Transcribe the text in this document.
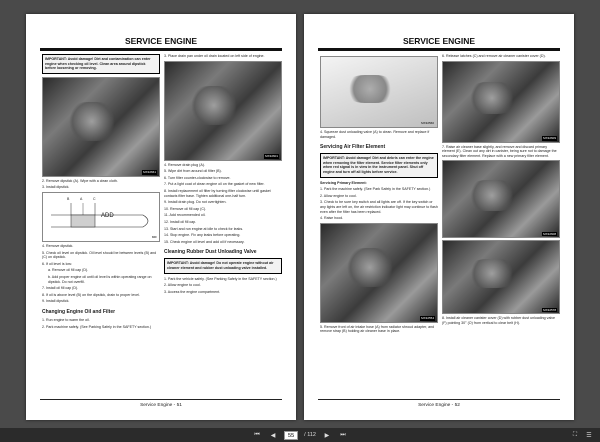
SERVICE ENGINE
IMPORTANT: Avoid damage! Dirt and contamination can enter engine when checking oil level. Clean area around dipstick before loosening or removing.
MX32661
2. Remove dipstick (A). Wipe with a clean cloth.
3. Install dipstick.
B	A	C
ADD
MIF
4. Remove dipstick.
5. Check oil level on dipstick. Oil level should be between levels (B) and (C) on dipstick.
6. If oil level is low:
a. Remove oil fill cap (D).
b. Add proper engine oil until oil level is within operating range on dipstick. Do not overfill.
7. Install oil fill cap (D).
8. If oil is above level (B) on the dipstick, drain to proper level.
9. Install dipstick.
Changing Engine Oil and Filter
1. Run engine to warm the oil.
2. Park machine safely. (See Parking Safely in the SAFETY section.)
3. Place drain pan under oil drain located on left side of engine.
MX32601
4. Remove drain plug (A).
5. Wipe dirt from around oil filter (B).
6. Turn filter counter-clockwise to remove.
7. Put a light coat of clean engine oil on the gasket of new filter.
8. Install replacement oil filter by turning filter clockwise until gasket contacts filter base. Tighten additional one-half turn.
9. Install drain plug. Do not overtighten.
10. Remove oil fill cap (C).
11. Add recommended oil.
12. Install oil fill cap.
13. Start and run engine at idle to check for leaks.
14. Stop engine. Fix any leaks before operating.
15. Check engine oil level and add oil if necessary.
Cleaning Rubber Dust Unloading Valve
IMPORTANT: Avoid damage! Do not operate engine without air cleaner element and rubber dust unloading valve installed.
1. Park the vehicle safely. (See Parking Safely in the SAFETY section.)
2. Allow engine to cool.
3. Access the engine compartment.
Service Engine - 51
SERVICE ENGINE
MX32560
4. Squeeze dust unloading valve (A) to clean. Remove and replace if damaged.
Servicing Air Filter Element
IMPORTANT: Avoid damage! Dirt and debris can enter the engine when removing the filter element. Service filter elements only when red signal is in view in the instrument panel. Shut off engine and turn off all lights before service.
Servicing Primary Element:
1. Park the machine safely. (See Park Safely in the SAFETY section.)
2. Allow engine to cool.
3. Check to be sure key switch and all lights are off. If the key switch or any lights are left on, the air restriction indicator light may continue to flash even after the filter has been replaced.
4. Raise hood.
MX32554
5. Remove front of air intake hose (A) from radiator shroud adapter, and remove strap (B) holding air cleaner base in place.
6. Release latches (C) and remove air cleaner canister cover (D).
MX32609
7. Raise air cleaner base slightly, and remove and discard primary element (E). Clean out any dirt in canister, being sure not to damage the secondary filter element. Replace with a new primary filter element.
MX32608
MX32578
8. Install air cleaner canister cover (D) with rubber dust unloading valve (F) pointing 30° (O) from vertical to clear belt (H).
Service Engine - 52
⏮	◀	55	/ 112	▶	⏭	⛶	☰
